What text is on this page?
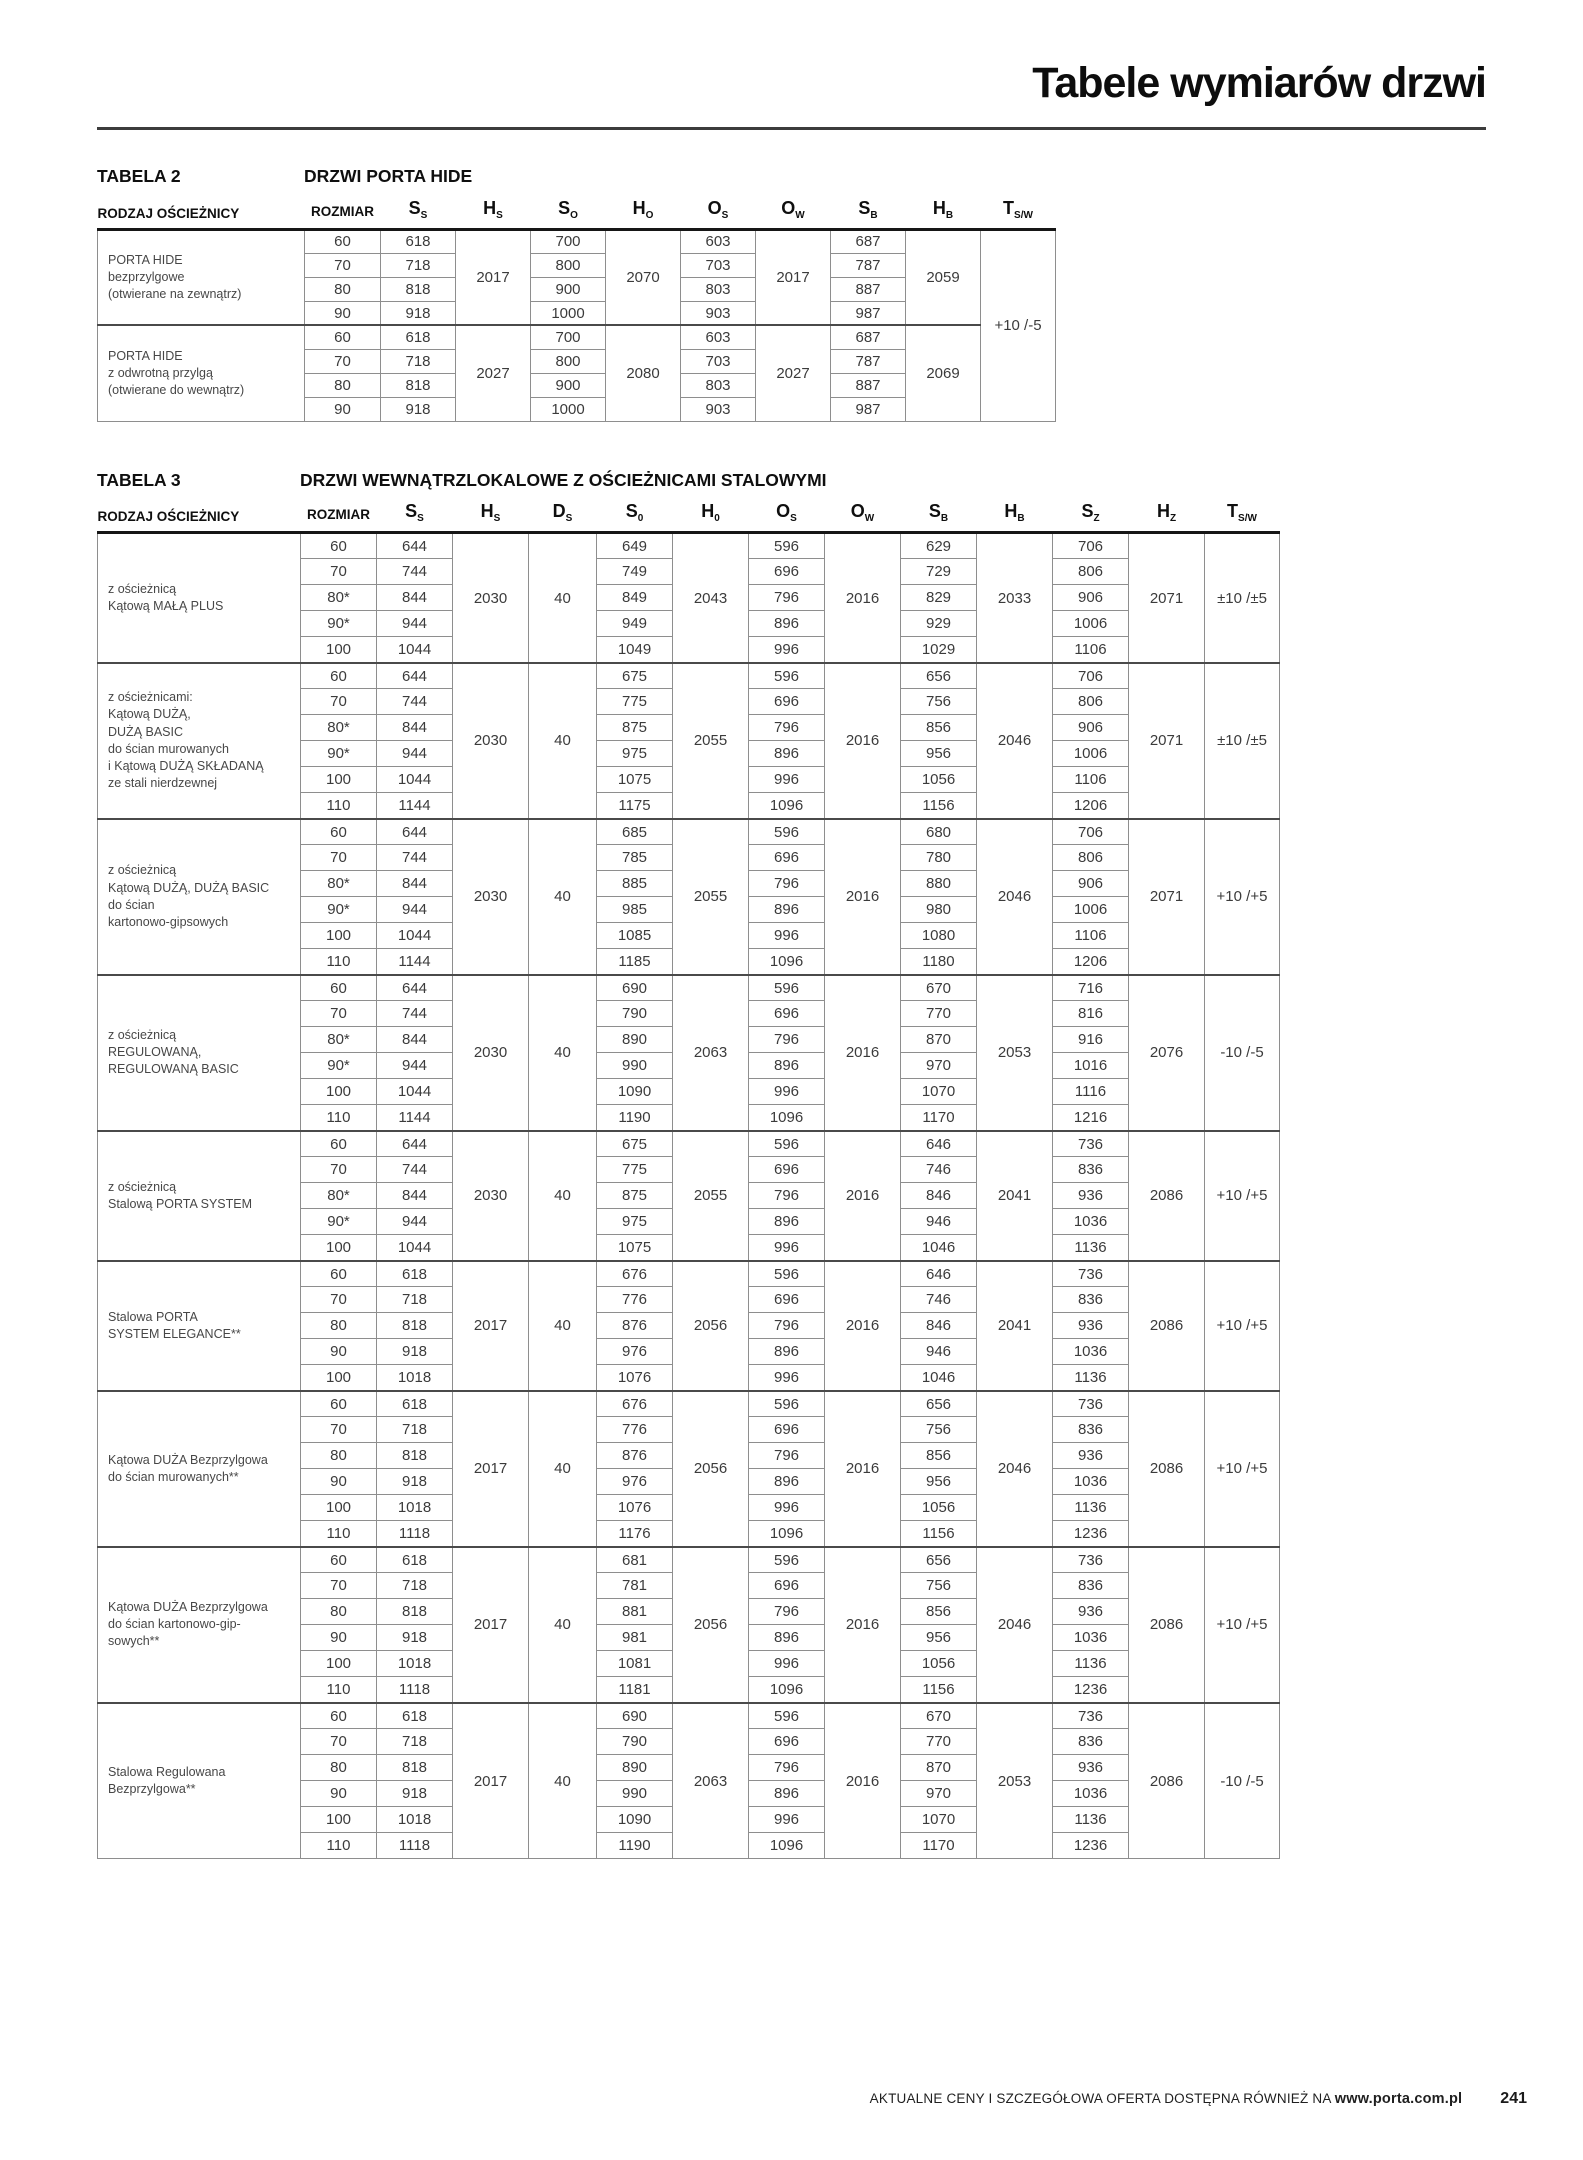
Tabele wymiarów drzwi
TABELA 2	DRZWI PORTA HIDE
RODZAJ OŚCIEŻNICY	ROZMIAR	$S_S$	$H_S$	$S_O$	$H_O$	$O_S$	$O_W$	$S_B$	$H_B$	$T_{S/W}$
PORTA HIDE
bezprzylgowe
(otwierane na zewnątrz)	60	618	2017	700	2070	603	2017	687	2059	+10 /-5
	70	718		800		703		787		
	80	818		900		803		887		
	90	918		1000		903		987		
PORTA HIDE
z odwrotną przylgą
(otwierane do wewnątrz)	60	618	2027	700	2080	603	2027	687	2069	
	70	718		800		703		787		
	80	818		900		803		887		
	90	918		1000		903		987		
TABELA 3	DRZWI WEWNĄTRZLOKALOWE Z OŚCIEŻNICAMI STALOWYMI
RODZAJ OŚCIEŻNICY	ROZMIAR	$S_S$	$H_S$	$D_S$	$S_0$	$H_0$	$O_S$	$O_W$	$S_B$	$H_B$	$S_Z$	$H_Z$	$T_{S/W}$
z ościeżnicą
Kątową MAŁĄ PLUS	60	644	2030	40	649	2043	596	2016	629	2033	706	2071	±10 /±5
	70	744			749		696		729		806		
	80*	844			849		796		829		906		
	90*	944			949		896		929		1006		
	100	1044			1049		996		1029		1106		
z ościeżnicami:
Kątową DUŻĄ,
DUŻĄ BASIC
do ścian murowanych
i Kątową DUŻĄ SKŁADANĄ
ze stali nierdzewnej	60	644	2030	40	675	2055	596	2016	656	2046	706	2071	±10 /±5
	70	744			775		696		756		806		
	80*	844			875		796		856		906		
	90*	944			975		896		956		1006		
	100	1044			1075		996		1056		1106		
	110	1144			1175		1096		1156		1206		
z ościeżnicą
Kątową DUŻĄ, DUŻĄ BASIC
do ścian
kartonowo-gipsowych	60	644	2030	40	685	2055	596	2016	680	2046	706	2071	+10 /+5
	70	744			785		696		780		806		
	80*	844			885		796		880		906		
	90*	944			985		896		980		1006		
	100	1044			1085		996		1080		1106		
	110	1144			1185		1096		1180		1206		
z ościeżnicą
REGULOWANĄ,
REGULOWANĄ BASIC	60	644	2030	40	690	2063	596	2016	670	2053	716	2076	-10 /-5
	70	744			790		696		770		816		
	80*	844			890		796		870		916		
	90*	944			990		896		970		1016		
	100	1044			1090		996		1070		1116		
	110	1144			1190		1096		1170		1216		
z ościeżnicą
Stalową PORTA SYSTEM	60	644	2030	40	675	2055	596	2016	646	2041	736	2086	+10 /+5
	70	744			775		696		746		836		
	80*	844			875		796		846		936		
	90*	944			975		896		946		1036		
	100	1044			1075		996		1046		1136		
Stalowa PORTA
SYSTEM ELEGANCE**	60	618	2017	40	676	2056	596	2016	646	2041	736	2086	+10 /+5
	70	718			776		696		746		836		
	80	818			876		796		846		936		
	90	918			976		896		946		1036		
	100	1018			1076		996		1046		1136		
Kątowa DUŻA Bezprzylgowa
do ścian murowanych**	60	618	2017	40	676	2056	596	2016	656	2046	736	2086	+10 /+5
	70	718			776		696		756		836		
	80	818			876		796		856		936		
	90	918			976		896		956		1036		
	100	1018			1076		996		1056		1136		
	110	1118			1176		1096		1156		1236		
Kątowa DUŻA Bezprzylgowa
do ścian kartonowo-gip-
sowych**	60	618	2017	40	681	2056	596	2016	656	2046	736	2086	+10 /+5
	70	718			781		696		756		836		
	80	818			881		796		856		936		
	90	918			981		896		956		1036		
	100	1018			1081		996		1056		1136		
	110	1118			1181		1096		1156		1236		
Stalowa Regulowana
Bezprzylgowa**	60	618	2017	40	690	2063	596	2016	670	2053	736	2086	-10 /-5
	70	718			790		696		770		836		
	80	818			890		796		870		936		
	90	918			990		896		970		1036		
	100	1018			1090		996		1070		1136		
	110	1118			1190		1096		1170		1236		
AKTUALNE CENY I SZCZEGÓŁOWA OFERTA DOSTĘPNA RÓWNIEŻ NA www.porta.com.pl 241
